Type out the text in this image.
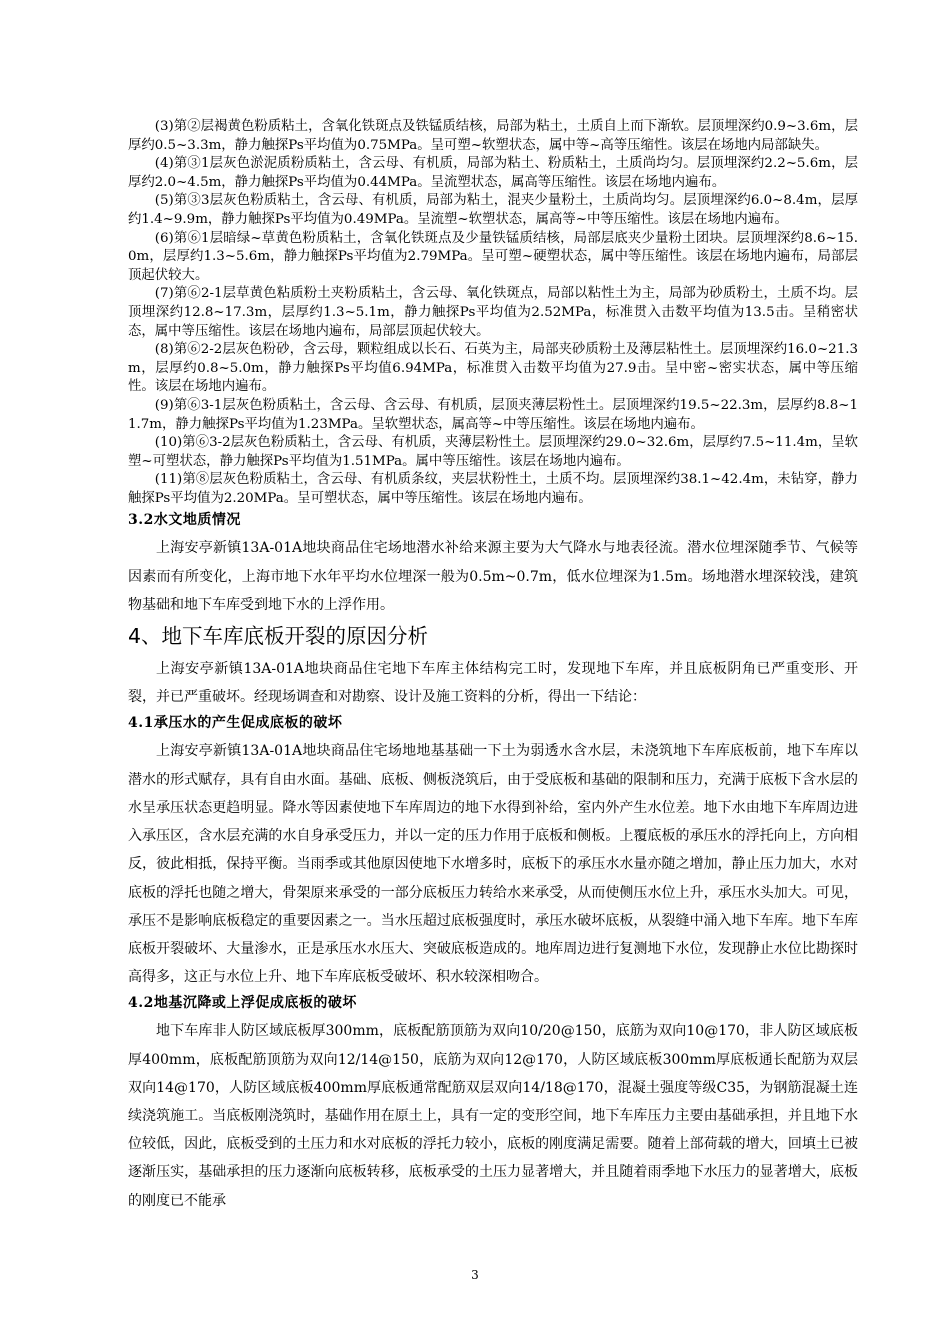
(3)第②层褐黄色粉质粘土，含氧化铁斑点及铁锰质结核，局部为粘土，土质自上而下渐软。层顶埋深约0.9~3.6m，层厚约0.5~3.3m，静力触探Ps平均值为0.75MPa。呈可塑~软塑状态，属中等~高等压缩性。该层在场地内局部缺失。

(4)第③1层灰色淤泥质粉质粘土，含云母、有机质，局部为粘土、粉质粘土，土质尚均匀。层顶埋深约2.2~5.6m，层厚约2.0~4.5m，静力触探Ps平均值为0.44MPa。呈流塑状态，属高等压缩性。该层在场地内遍布。

(5)第③3层灰色粉质粘土，含云母、有机质，局部为粘土，混夹少量粉土，土质尚均匀。层顶埋深约6.0~8.4m，层厚约1.4~9.9m，静力触探Ps平均值为0.49MPa。呈流塑~软塑状态，属高等~中等压缩性。该层在场地内遍布。

(6)第⑥1层暗绿~草黄色粉质粘土，含氧化铁斑点及少量铁锰质结核，局部层底夹少量粉土团块。层顶埋深约8.6~15.0m，层厚约1.3~5.6m，静力触探Ps平均值为2.79MPa。呈可塑~硬塑状态，属中等压缩性。该层在场地内遍布，局部层顶起伏较大。

(7)第⑥2-1层草黄色粘质粉土夹粉质粘土，含云母、氧化铁斑点，局部以粘性土为主，局部为砂质粉土，土质不均。层顶埋深约12.8~17.3m，层厚约1.3~5.1m，静力触探Ps平均值为2.52MPa，标准贯入击数平均值为13.5击。呈稍密状态，属中等压缩性。该层在场地内遍布，局部层顶起伏较大。

(8)第⑥2-2层灰色粉砂，含云母，颗粒组成以长石、石英为主，局部夹砂质粉土及薄层粘性土。层顶埋深约16.0~21.3m，层厚约0.8~5.0m，静力触探Ps平均值6.94MPa，标准贯入击数平均值为27.9击。呈中密~密实状态，属中等压缩性。该层在场地内遍布。

(9)第⑥3-1层灰色粉质粘土，含云母、含云母、有机质，层顶夹薄层粉性土。层顶埋深约19.5~22.3m，层厚约8.8~11.7m，静力触探Ps平均值为1.23MPa。呈软塑状态，属高等~中等压缩性。该层在场地内遍布。

(10)第⑥3-2层灰色粉质粘土，含云母、有机质，夹薄层粉性土。层顶埋深约29.0~32.6m，层厚约7.5~11.4m，呈软塑~可塑状态，静力触探Ps平均值为1.51MPa。属中等压缩性。该层在场地内遍布。

(11)第⑧层灰色粉质粘土，含云母、有机质条纹，夹层状粉性土，土质不均。层顶埋深约38.1~42.4m，未钻穿，静力触探Ps平均值为2.20MPa。呈可塑状态，属中等压缩性。该层在场地内遍布。

3.2水文地质情况

上海安亭新镇13A-01A地块商品住宅场地潜水补给来源主要为大气降水与地表径流。潜水位埋深随季节、气候等因素而有所变化，上海市地下水年平均水位埋深一般为0.5m~0.7m，低水位埋深为1.5m。场地潜水埋深较浅，建筑物基础和地下车库受到地下水的上浮作用。

4、地下车库底板开裂的原因分析

上海安亭新镇13A-01A地块商品住宅地下车库主体结构完工时，发现地下车库，并且底板阴角已严重变形、开裂，并已严重破坏。经现场调查和对勘察、设计及施工资料的分析，得出一下结论：

4.1承压水的产生促成底板的破坏

上海安亭新镇13A-01A地块商品住宅场地地基基础一下土为弱透水含水层，未浇筑地下车库底板前，地下车库以潜水的形式赋存，具有自由水面。基础、底板、侧板浇筑后，由于受底板和基础的限制和压力，充满于底板下含水层的水呈承压状态更趋明显。降水等因素使地下车库周边的地下水得到补给，室内外产生水位差。地下水由地下车库周边进入承压区，含水层充满的水自身承受压力，并以一定的压力作用于底板和侧板。上覆底板的承压水的浮托向上，方向相反，彼此相抵，保持平衡。当雨季或其他原因使地下水增多时，底板下的承压水水量亦随之增加，静止压力加大，水对底板的浮托也随之增大，骨架原来承受的一部分底板压力转给水来承受，从而使侧压水位上升，承压水头加大。可见，承压不是影响底板稳定的重要因素之一。当水压超过底板强度时，承压水破坏底板，从裂缝中涌入地下车库。地下车库底板开裂破坏、大量渗水，正是承压水水压大、突破底板造成的。地库周边进行复测地下水位，发现静止水位比勘探时高得多，这正与水位上升、地下车库底板受破坏、积水较深相吻合。

4.2地基沉降或上浮促成底板的破坏

地下车库非人防区域底板厚300mm，底板配筋顶筋为双向10/20@150，底筋为双向10@170，非人防区域底板厚400mm，底板配筋顶筋为双向12/14@150，底筋为双向12@170，人防区域底板300mm厚底板通长配筋为双层双向14@170，人防区域底板400mm厚底板通常配筋双层双向14/18@170，混凝土强度等级C35，为钢筋混凝土连续浇筑施工。当底板刚浇筑时，基础作用在原土上，具有一定的变形空间，地下车库压力主要由基础承担，并且地下水位较低，因此，底板受到的土压力和水对底板的浮托力较小，底板的刚度满足需要。随着上部荷载的增大，回填土已被逐渐压实，基础承担的压力逐渐向底板转移，底板承受的土压力显著增大，并且随着雨季地下水压力的显著增大，底板的刚度已不能承

3
